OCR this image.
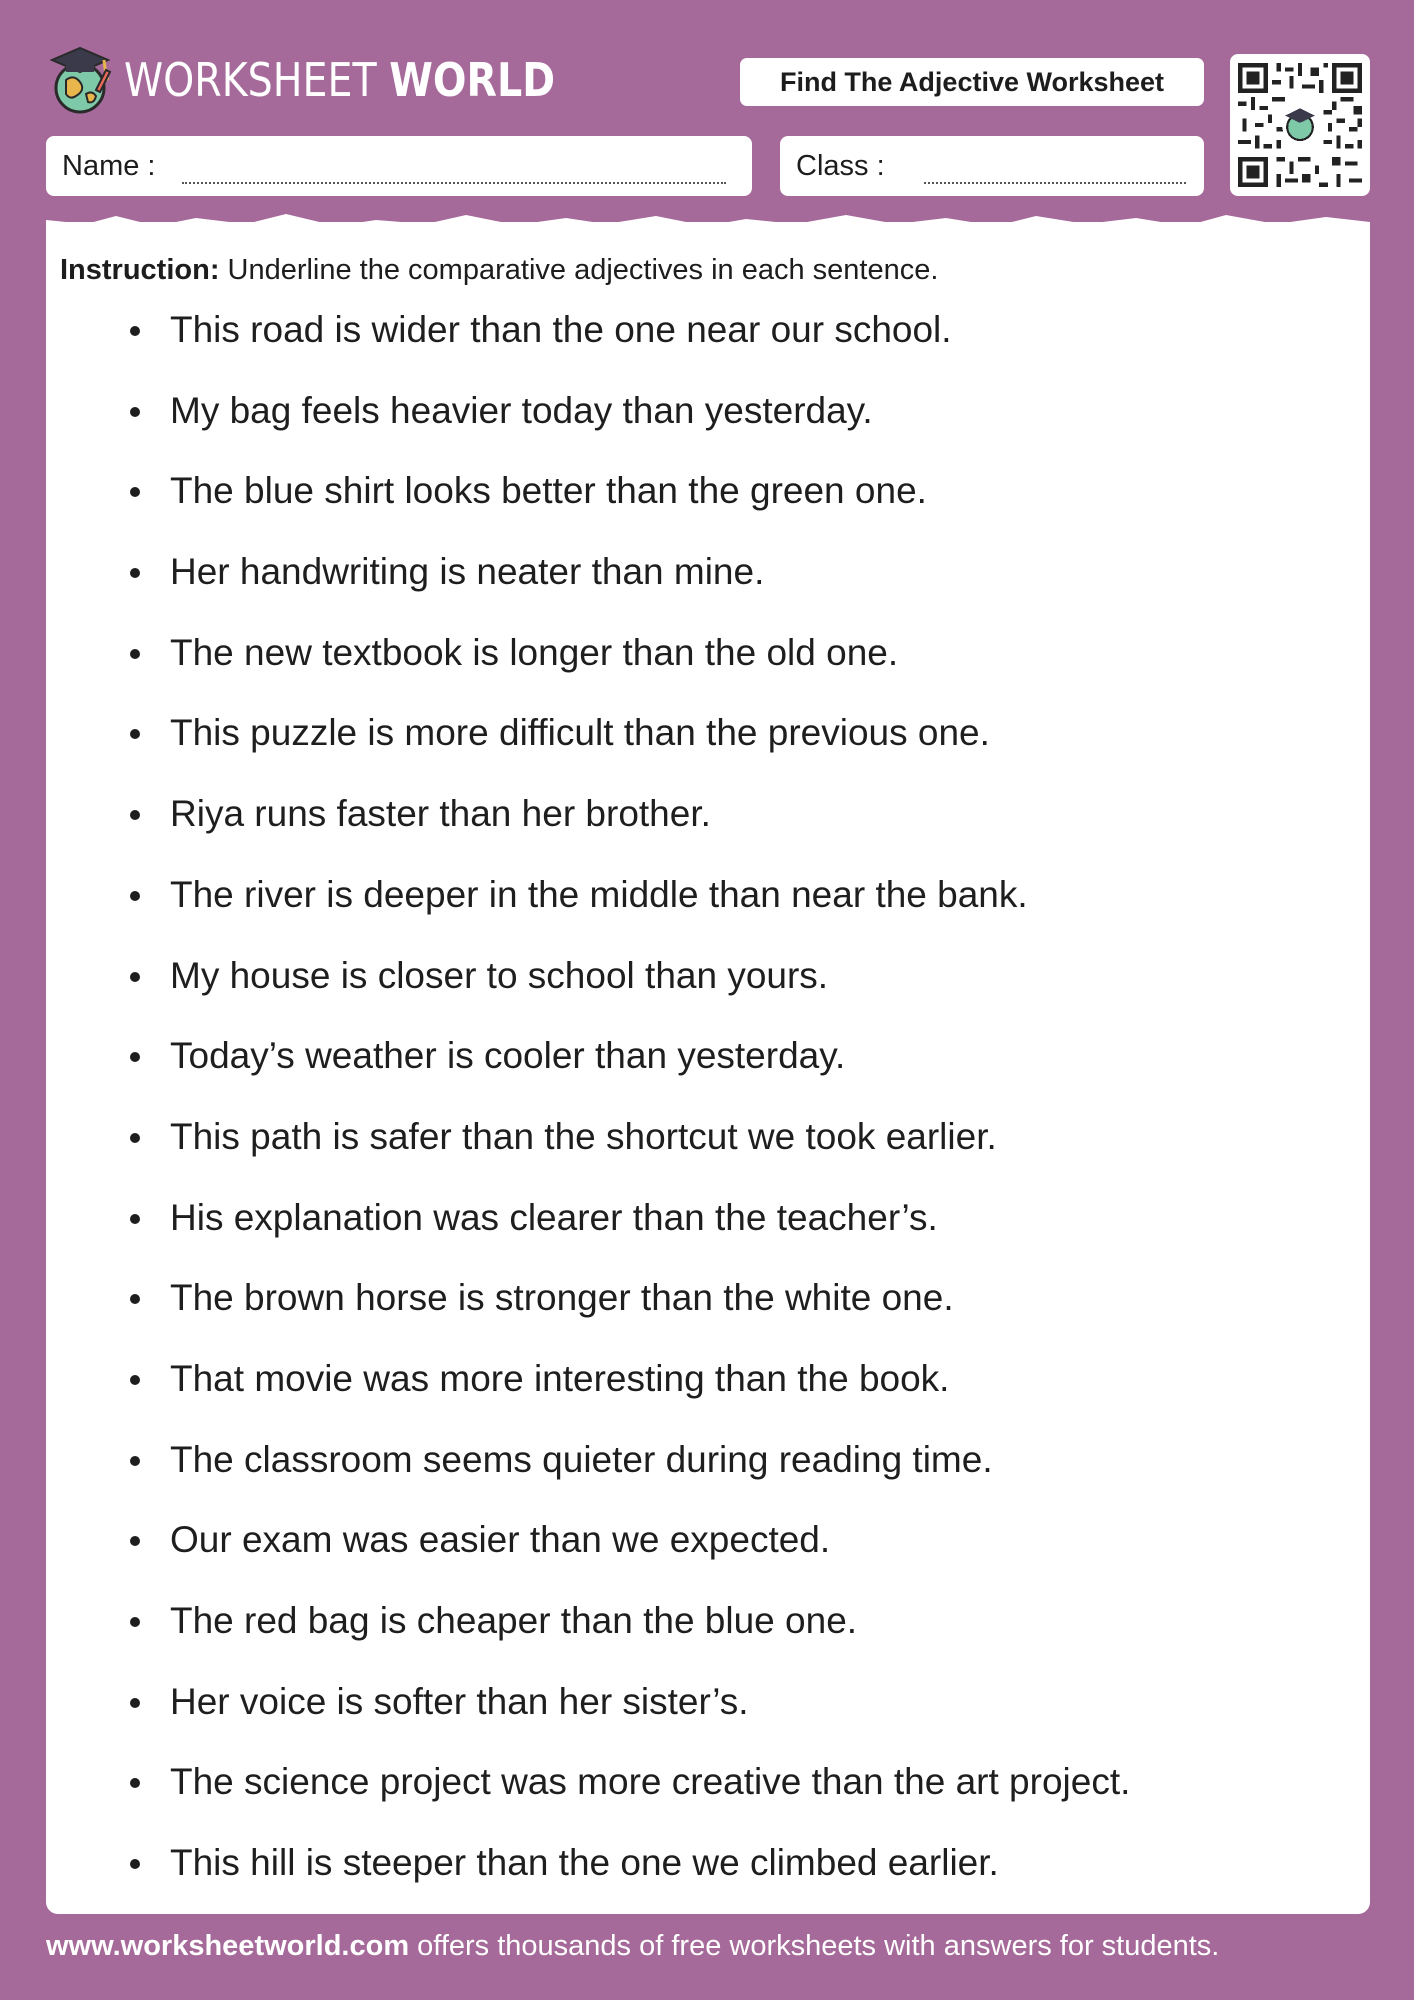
WORKSHEET WORLD	Find The Adjective Worksheet
Name :	Class :
Instruction: Underline the comparative adjectives in each sentence.
This road is wider than the one near our school.
My bag feels heavier today than yesterday.
The blue shirt looks better than the green one.
Her handwriting is neater than mine.
The new textbook is longer than the old one.
This puzzle is more difficult than the previous one.
Riya runs faster than her brother.
The river is deeper in the middle than near the bank.
My house is closer to school than yours.
Today’s weather is cooler than yesterday.
This path is safer than the shortcut we took earlier.
His explanation was clearer than the teacher’s.
The brown horse is stronger than the white one.
That movie was more interesting than the book.
The classroom seems quieter during reading time.
Our exam was easier than we expected.
The red bag is cheaper than the blue one.
Her voice is softer than her sister’s.
The science project was more creative than the art project.
This hill is steeper than the one we climbed earlier.
www.worksheetworld.com offers thousands of free worksheets with answers for students.
